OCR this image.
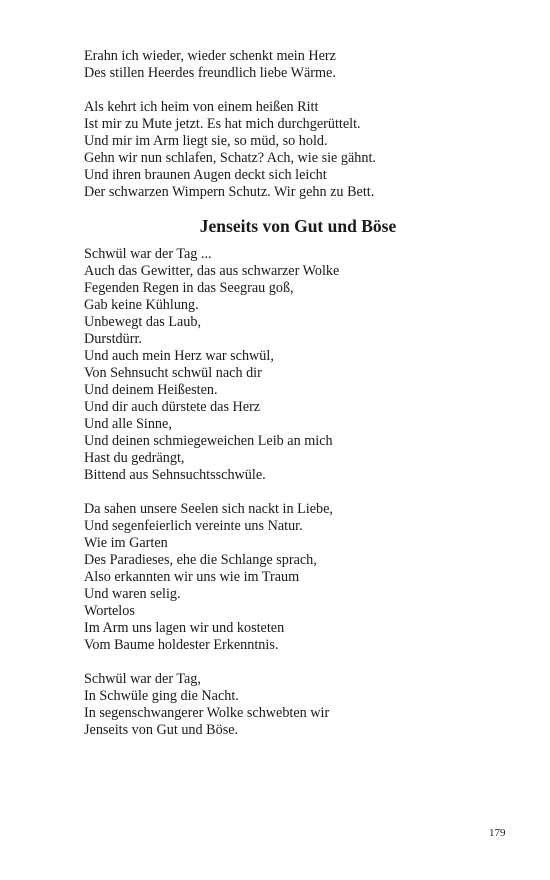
Erahn ich wieder, wieder schenkt mein Herz
Des stillen Heerdes freundlich liebe Wärme.
Als kehrt ich heim von einem heißen Ritt
Ist mir zu Mute jetzt. Es hat mich durchgerüttelt.
Und mir im Arm liegt sie, so müd, so hold.
Gehn wir nun schlafen, Schatz? Ach, wie sie gähnt.
Und ihren braunen Augen deckt sich leicht
Der schwarzen Wimpern Schutz. Wir gehn zu Bett.
Jenseits von Gut und Böse
Schwül war der Tag ...
Auch das Gewitter, das aus schwarzer Wolke
Fegenden Regen in das Seegrau goß,
Gab keine Kühlung.
Unbewegt das Laub,
Durstdürr.
Und auch mein Herz war schwül,
Von Sehnsucht schwül nach dir
Und deinem Heißesten.
Und dir auch dürstete das Herz
Und alle Sinne,
Und deinen schmiegeweichen Leib an mich
Hast du gedrängt,
Bittend aus Sehnsuchtsschwüle.
Da sahen unsere Seelen sich nackt in Liebe,
Und segenfeierlich vereinte uns Natur.
Wie im Garten
Des Paradieses, ehe die Schlange sprach,
Also erkannten wir uns wie im Traum
Und waren selig.
Wortelos
Im Arm uns lagen wir und kosteten
Vom Baume holdester Erkenntnis.
Schwül war der Tag,
In Schwüle ging die Nacht.
In segenschwangerer Wolke schwebten wir
Jenseits von Gut und Böse.
179
